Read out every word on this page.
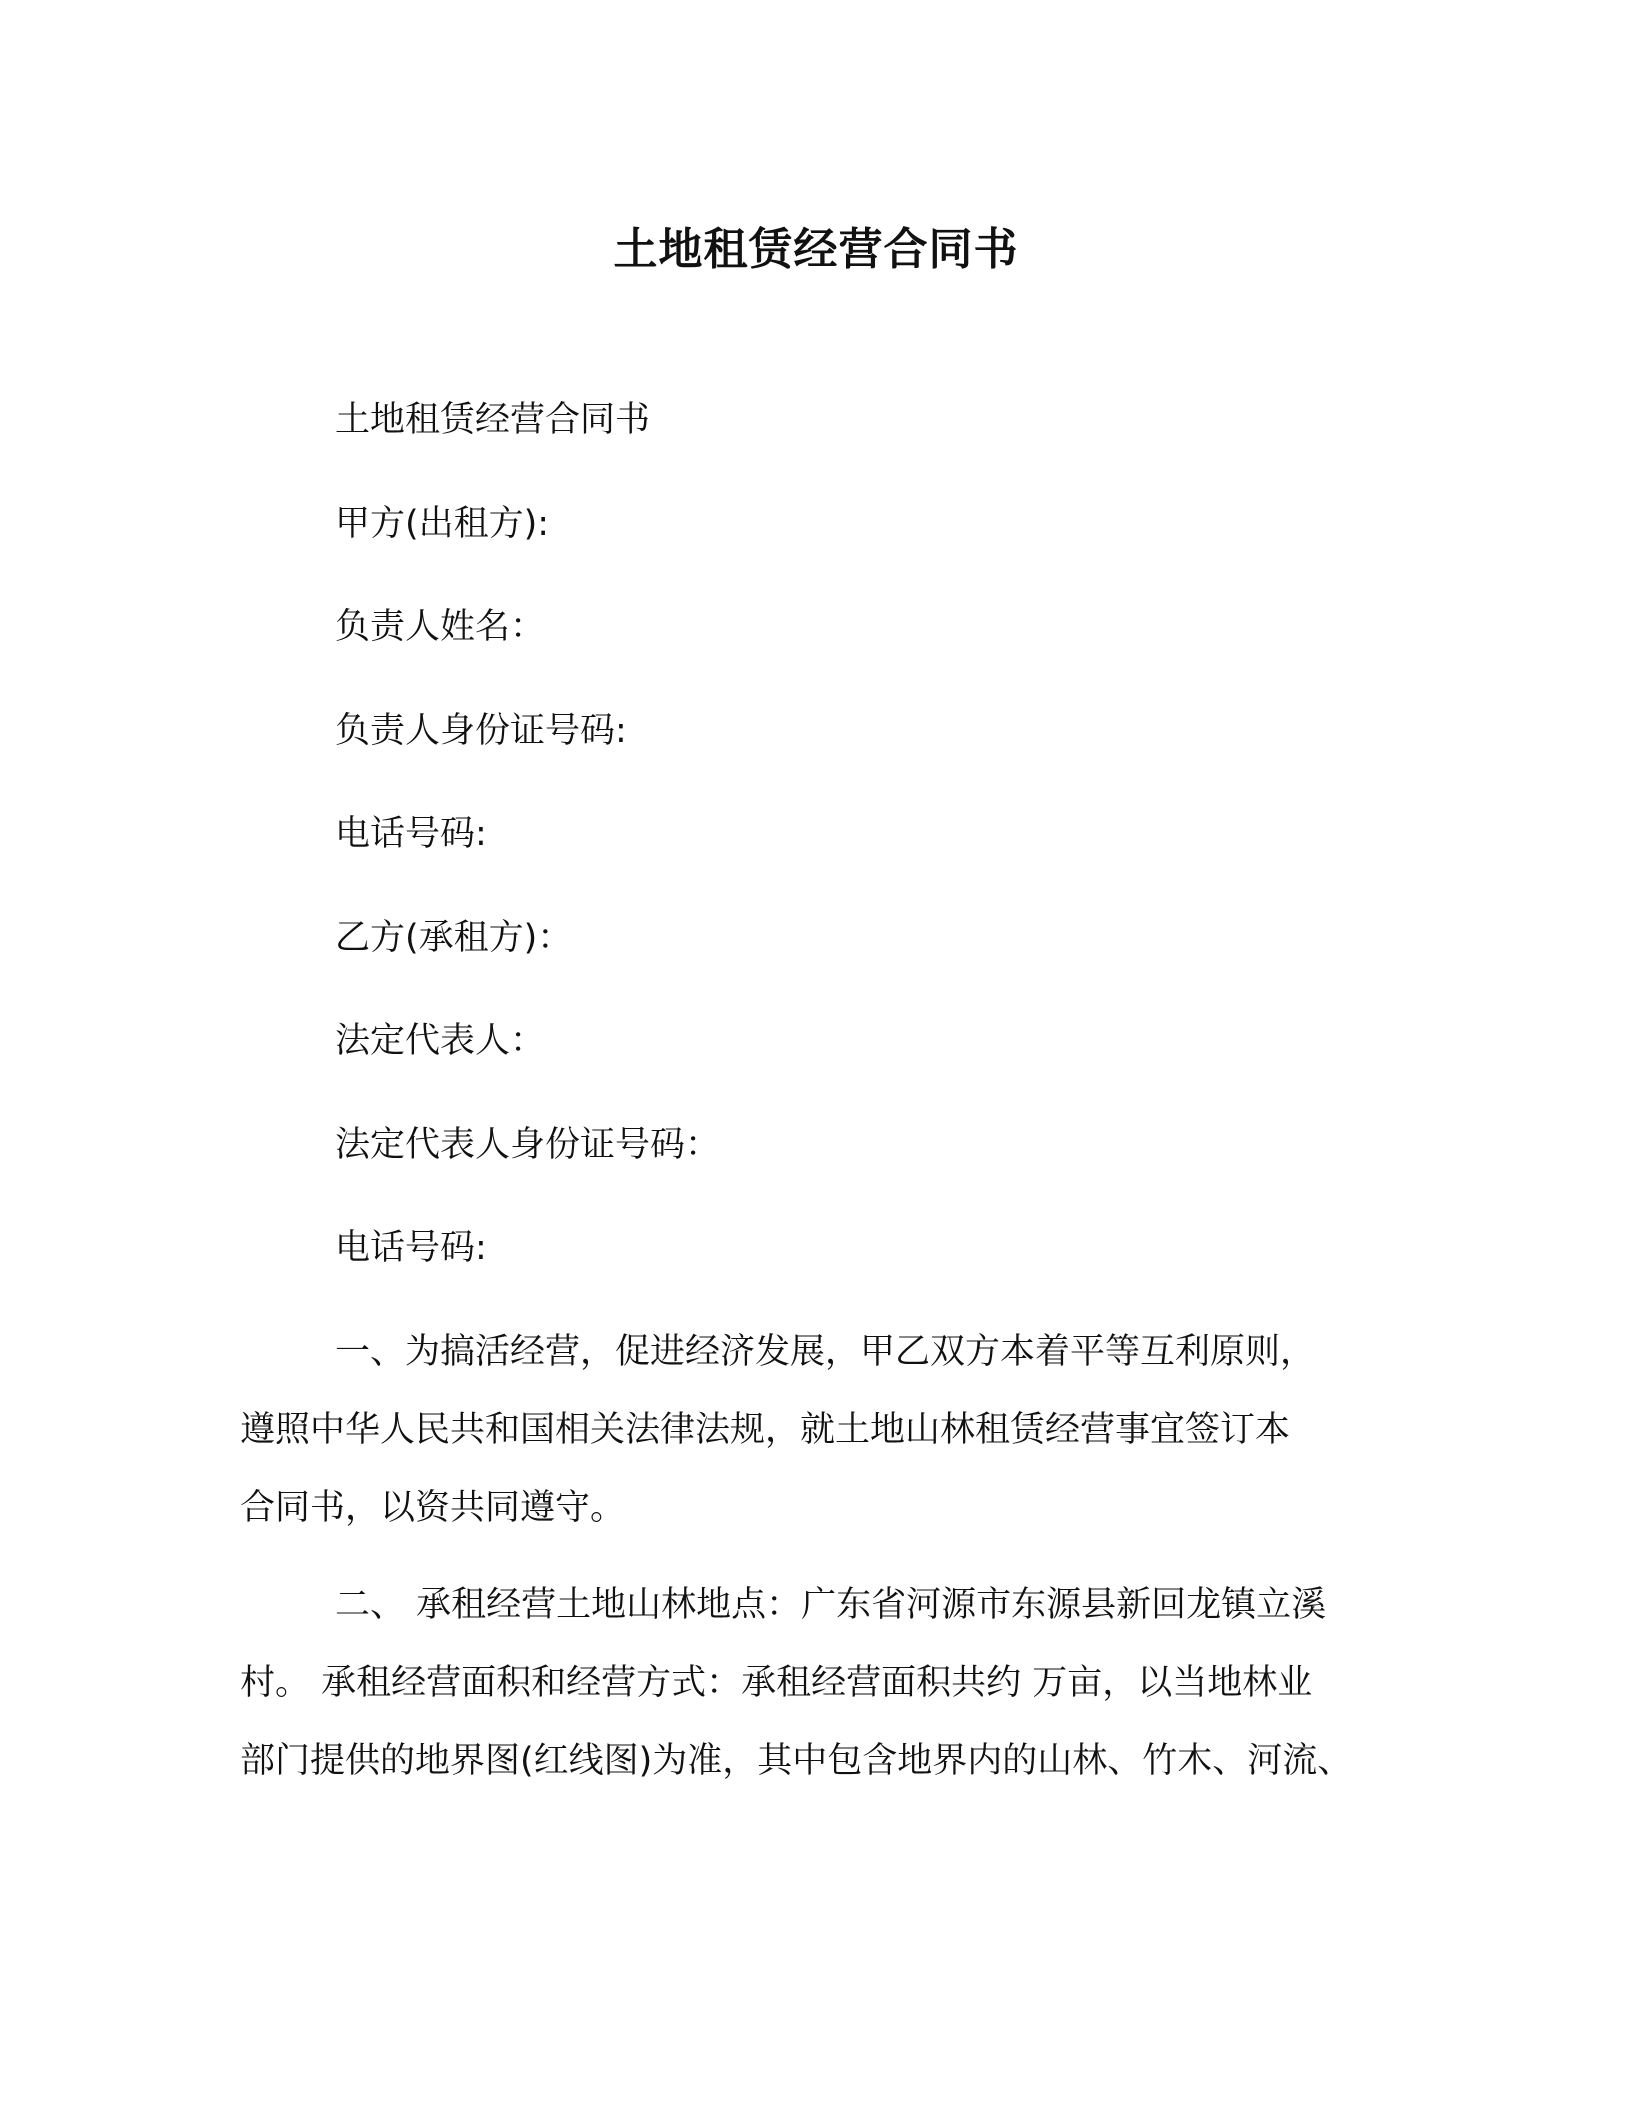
土地租赁经营合同书
土地租赁经营合同书
甲方(出租方):
负责人姓名：
负责人身份证号码:
电话号码:
乙方(承租方)：
法定代表人：
法定代表人身份证号码：
电话号码:
一、为搞活经营，促进经济发展，甲乙双方本着平等互利原则，
遵照中华人民共和国相关法律法规，就土地山林租赁经营事宜签订本
合同书，以资共同遵守。
二、 承租经营土地山林地点：广东省河源市东源县新回龙镇立溪
村。 承租经营面积和经营方式：承租经营面积共约 万亩，以当地林业
部门提供的地界图(红线图)为准，其中包含地界内的山林、竹木、河流、
